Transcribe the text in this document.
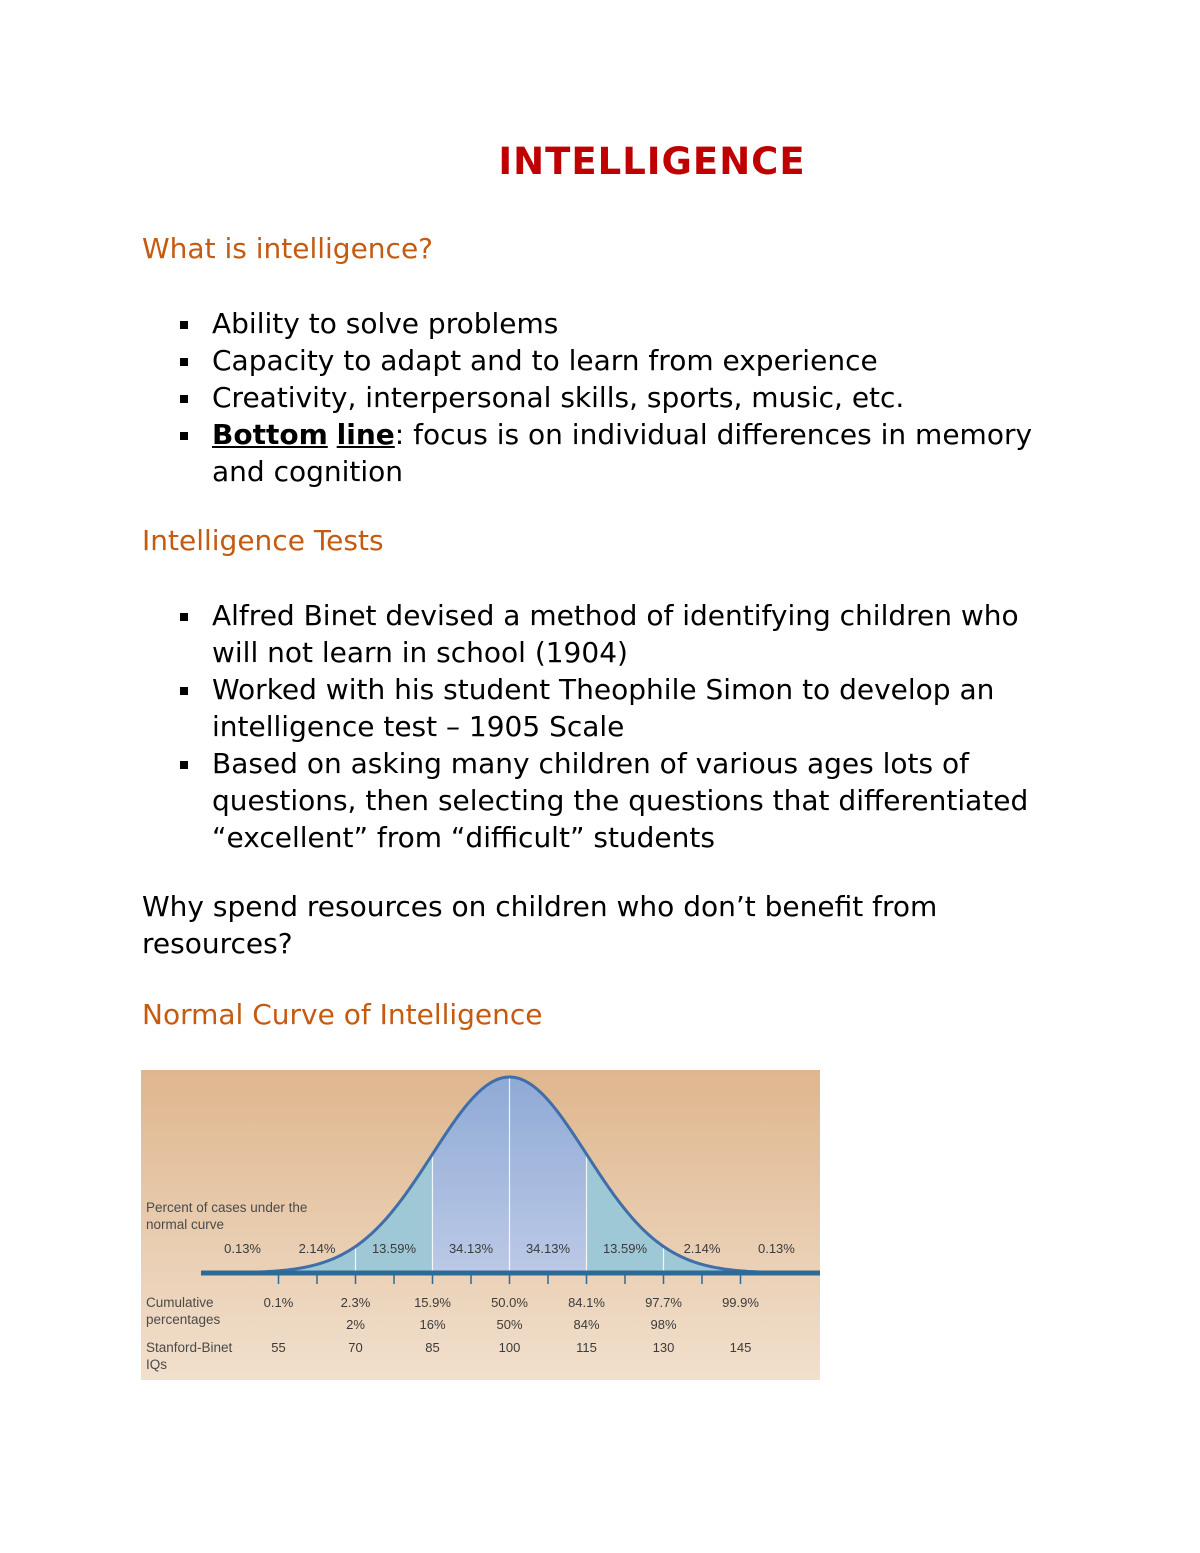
INTELLIGENCE
What is intelligence?
Ability to solve problems
Capacity to adapt and to learn from experience
Creativity, interpersonal skills, sports, music, etc.
Bottom line: focus is on individual differences in memory and cognition
Intelligence Tests
Alfred Binet devised a method of identifying children who will not learn in school (1904)
Worked with his student Theophile Simon to develop an intelligence test – 1905 Scale
Based on asking many children of various ages lots of questions, then selecting the questions that differentiated “excellent” from “difficult” students

Why spend resources on children who don’t benefit from resources?

Normal Curve of Intelligence
Percent of cases under the
normal curve
Cumulative
percentages
Stanford-Binet
IQs
0.13%	2.14%	13.59%	34.13%	34.13%	13.59%	2.14%	0.13%
0.1%	2.3%	15.9%	50.0%	84.1%	97.7%	99.9%
2%	16%	50%	84%	98%
55	70	85	100	115	130	145
